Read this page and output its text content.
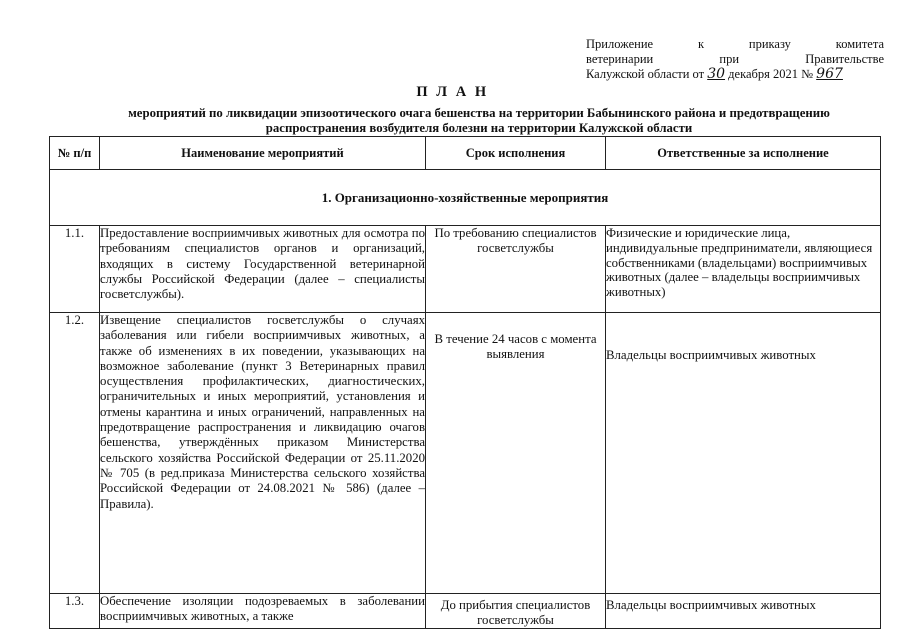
Приложение к приказу комитета
ветеринарии при Правительстве
Калужской области от 30 декабря 2021 № 967
П Л А Н
мероприятий по ликвидации эпизоотического очага бешенства на территории Бабынинского района и предотвращению распространения возбудителя болезни на территории Калужской области
№ п/п	Наименование мероприятий	Срок исполнения	Ответственные за исполнение
1. Организационно-хозяйственные мероприятия			
1.1.	Предоставление восприимчивых животных для осмотра по требованиям специалистов органов и организаций, входящих в систему Государственной ветеринарной службы Российской Федерации (далее – специалисты госветслужбы).	По требованию специалистов госветслужбы	Физические и юридические лица, индивидуальные предприниматели, являющиеся собственниками (владельцами) восприимчивых животных (далее – владельцы восприимчивых животных)
1.2.	Извещение специалистов госветслужбы о случаях заболевания или гибели восприимчивых животных, а также об изменениях в их поведении, указывающих на возможное заболевание (пункт 3 Ветеринарных правил осуществления профилактических, диагностических, ограничительных и иных мероприятий, установления и отмены карантина и иных ограничений, направленных на предотвращение распространения и ликвидацию очагов бешенства, утверждённых приказом Министерства сельского хозяйства Российской Федерации от 25.11.2020 № 705 (в ред.приказа Министерства сельского хозяйства Российской Федерации от 24.08.2021 № 586) (далее – Правила).	В течение 24 часов с момента выявления	Владельцы восприимчивых животных
1.3.	Обеспечение изоляции подозреваемых в заболевании восприимчивых животных, а также	До прибытия специалистов госветслужбы	Владельцы восприимчивых животных
